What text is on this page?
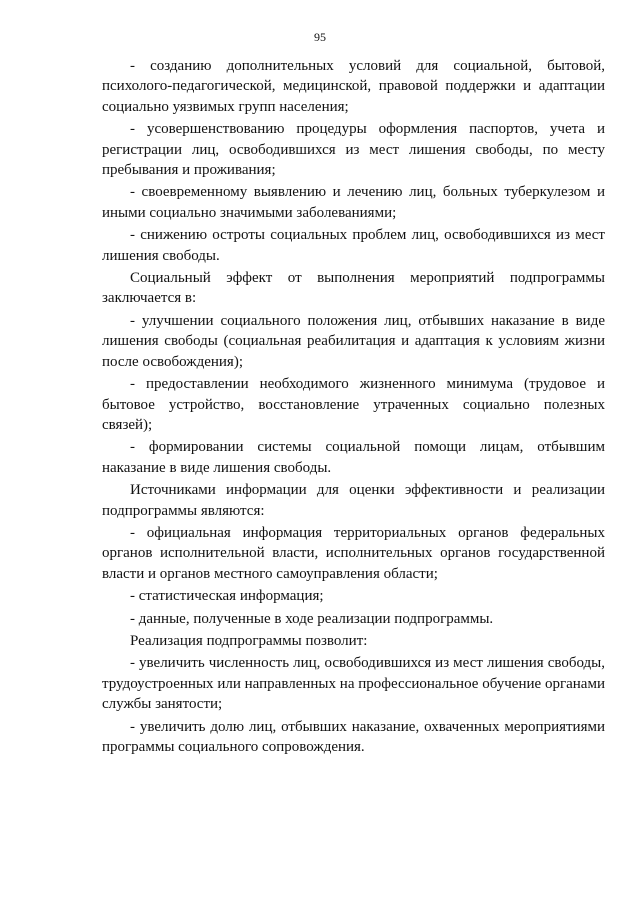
95

- созданию дополнительных условий для социальной, бытовой, психолого-педагогической, медицинской, правовой поддержки и адаптации социально уязвимых групп населения;

- усовершенствованию процедуры оформления паспортов, учета и регистрации лиц, освободившихся из мест лишения свободы, по месту пребывания и проживания;

- своевременному выявлению и лечению лиц, больных туберкулезом и иными социально значимыми заболеваниями;

- снижению остроты социальных проблем лиц, освободившихся из мест лишения свободы.

Социальный эффект от выполнения мероприятий подпрограммы заключается в:

- улучшении социального положения лиц, отбывших наказание в виде лишения свободы (социальная реабилитация и адаптация к условиям жизни после освобождения);

- предоставлении необходимого жизненного минимума (трудовое и бытовое устройство, восстановление утраченных социально полезных связей);

- формировании системы социальной помощи лицам, отбывшим наказание в виде лишения свободы.

Источниками информации для оценки эффективности и реализации подпрограммы являются:

- официальная информация территориальных органов федеральных органов исполнительной власти, исполнительных органов государственной власти и органов местного самоуправления области;

- статистическая информация;

- данные, полученные в ходе реализации подпрограммы.

Реализация подпрограммы позволит:

- увеличить численность лиц, освободившихся из мест лишения свободы, трудоустроенных или направленных на профессиональное обучение органами службы занятости;

- увеличить долю лиц, отбывших наказание, охваченных мероприятиями программы социального сопровождения.
